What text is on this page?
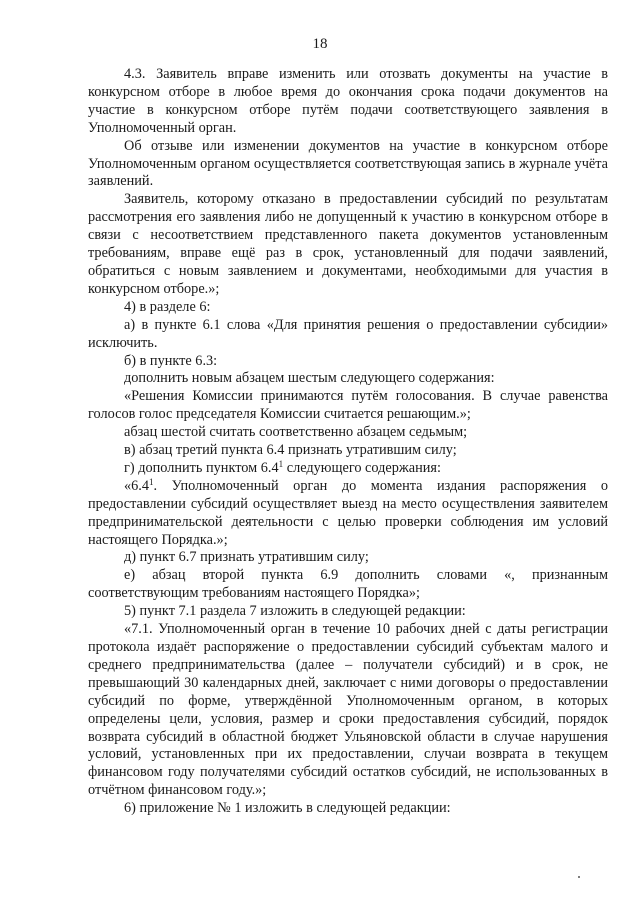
18

4.3. Заявитель вправе изменить или отозвать документы на участие в конкурсном отборе в любое время до окончания срока подачи документов на участие в конкурсном отборе путём подачи соответствующего заявления в Уполномоченный орган.

Об отзыве или изменении документов на участие в конкурсном отборе Уполномоченным органом осуществляется соответствующая запись в журнале учёта заявлений.

Заявитель, которому отказано в предоставлении субсидий по результатам рассмотрения его заявления либо не допущенный к участию в конкурсном отборе в связи с несоответствием представленного пакета документов установленным требованиям, вправе ещё раз в срок, установленный для подачи заявлений, обратиться с новым заявлением и документами, необходимыми для участия в конкурсном отборе.»;

4) в разделе 6:

а) в пункте 6.1 слова «Для принятия решения о предоставлении субсидии» исключить.

б) в пункте 6.3:

дополнить новым абзацем шестым следующего содержания:

«Решения Комиссии принимаются путём голосования. В случае равенства голосов голос председателя Комиссии считается решающим.»;

абзац шестой считать соответственно абзацем седьмым;

в) абзац третий пункта 6.4 признать утратившим силу;

г) дополнить пунктом $6.4^1$ следующего содержания:

«$6.4^1$. Уполномоченный орган до момента издания распоряжения о предоставлении субсидий осуществляет выезд на место осуществления заявителем предпринимательской деятельности с целью проверки соблюдения им условий настоящего Порядка.»;

д) пункт 6.7 признать утратившим силу;

е) абзац второй пункта 6.9 дополнить словами «, признанным соответствующим требованиям настоящего Порядка»;

5) пункт 7.1 раздела 7 изложить в следующей редакции:

«7.1. Уполномоченный орган в течение 10 рабочих дней с даты регистрации протокола издаёт распоряжение о предоставлении субсидий субъектам малого и среднего предпринимательства (далее – получатели субсидий) и в срок, не превышающий 30 календарных дней, заключает с ними договоры о предоставлении субсидий по форме, утверждённой Уполномоченным органом, в которых определены цели, условия, размер и сроки предоставления субсидий, порядок возврата субсидий в областной бюджет Ульяновской области в случае нарушения условий, установленных при их предоставлении, случаи возврата в текущем финансовом году получателями субсидий остатков субсидий, не использованных в отчётном финансовом году.»;

6) приложение № 1 изложить в следующей редакции:
